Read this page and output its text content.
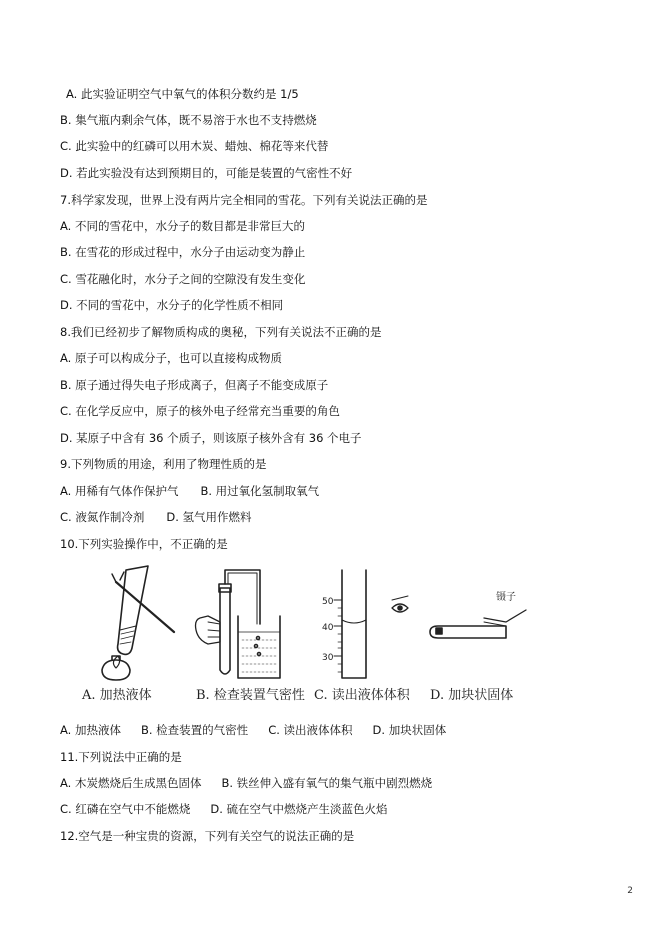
A. 此实验证明空气中氧气的体积分数约是 1/5
B. 集气瓶内剩余气体，既不易溶于水也不支持燃烧
C. 此实验中的红磷可以用木炭、蜡烛、棉花等来代替
D. 若此实验没有达到预期目的，可能是装置的气密性不好
7.科学家发现，世界上没有两片完全相同的雪花。下列有关说法正确的是
A. 不同的雪花中，水分子的数目都是非常巨大的
B. 在雪花的形成过程中，水分子由运动变为静止
C. 雪花融化时，水分子之间的空隙没有发生变化
D. 不同的雪花中，水分子的化学性质不相同
8.我们已经初步了解物质构成的奥秘，下列有关说法不正确的是
A. 原子可以构成分子，也可以直接构成物质
B. 原子通过得失电子形成离子，但离子不能变成原子
C. 在化学反应中，原子的核外电子经常充当重要的角色
D. 某原子中含有 36 个质子，则该原子核外含有 36 个电子
9.下列物质的用途，利用了物理性质的是
A. 用稀有气体作保护气 B. 用过氧化氢制取氧气
C. 液氮作制冷剂 D. 氢气用作燃料
10.下列实验操作中，不正确的是
50
40
30
镊子
A. 加热液体	B. 检查装置气密性 C. 读出液体体积 D. 加块状固体
A. 加热液体 B. 检查装置的气密性 C. 读出液体体积 D. 加块状固体
11.下列说法中正确的是
A. 木炭燃烧后生成黑色固体 B. 铁丝伸入盛有氧气的集气瓶中剧烈燃烧
C. 红磷在空气中不能燃烧 D. 硫在空气中燃烧产生淡蓝色火焰
12.空气是一种宝贵的资源，下列有关空气的说法正确的是
2
